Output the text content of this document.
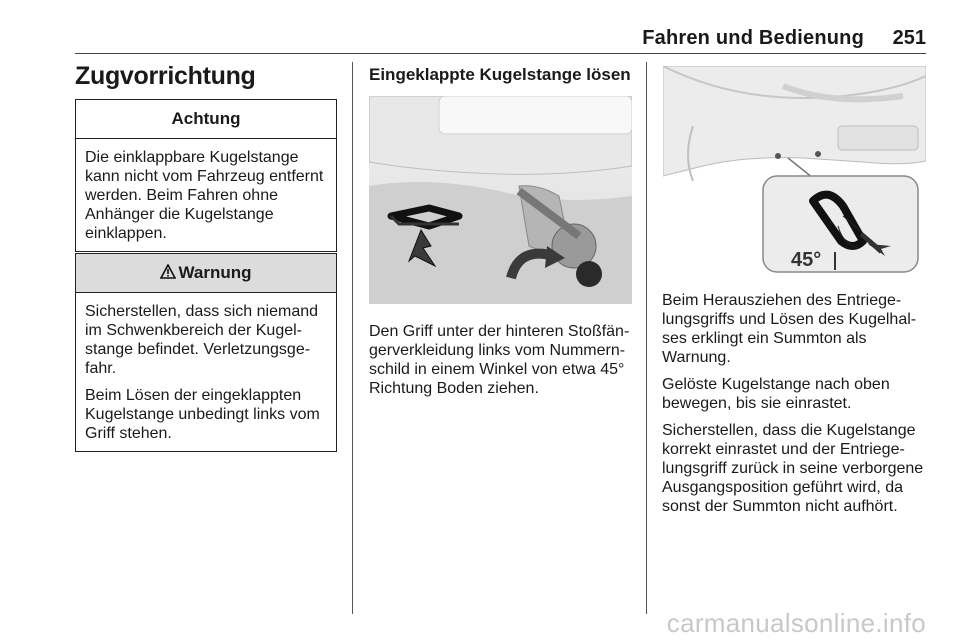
Fahren und Bedienung 251
Zugvorrichtung
Achtung

Die einklappbare Kugelstange kann nicht vom Fahrzeug entfernt werden. Beim Fahren ohne Anhänger die Kugelstange einklappen.

Warnung

Sicherstellen, dass sich niemand im Schwenkbereich der Kugelstange befindet. Verletzungsgefahr.

Beim Lösen der eingeklappten Kugelstange unbedingt links vom Griff stehen.

Eingeklappte Kugelstange lösen

Den Griff unter der hinteren Stoßfängerverkleidung links vom Nummernschild in einem Winkel von etwa 45° Richtung Boden ziehen.

45°

Beim Herausziehen des Entriegelungsgriffs und Lösen des Kugelhalses erklingt ein Summton als Warnung.

Gelöste Kugelstange nach oben bewegen, bis sie einrastet.

Sicherstellen, dass die Kugelstange korrekt einrastet und der Entriegelungsgriff zurück in seine verborgene Ausgangsposition geführt wird, da sonst der Summton nicht aufhört.

carmanualsonline.info
